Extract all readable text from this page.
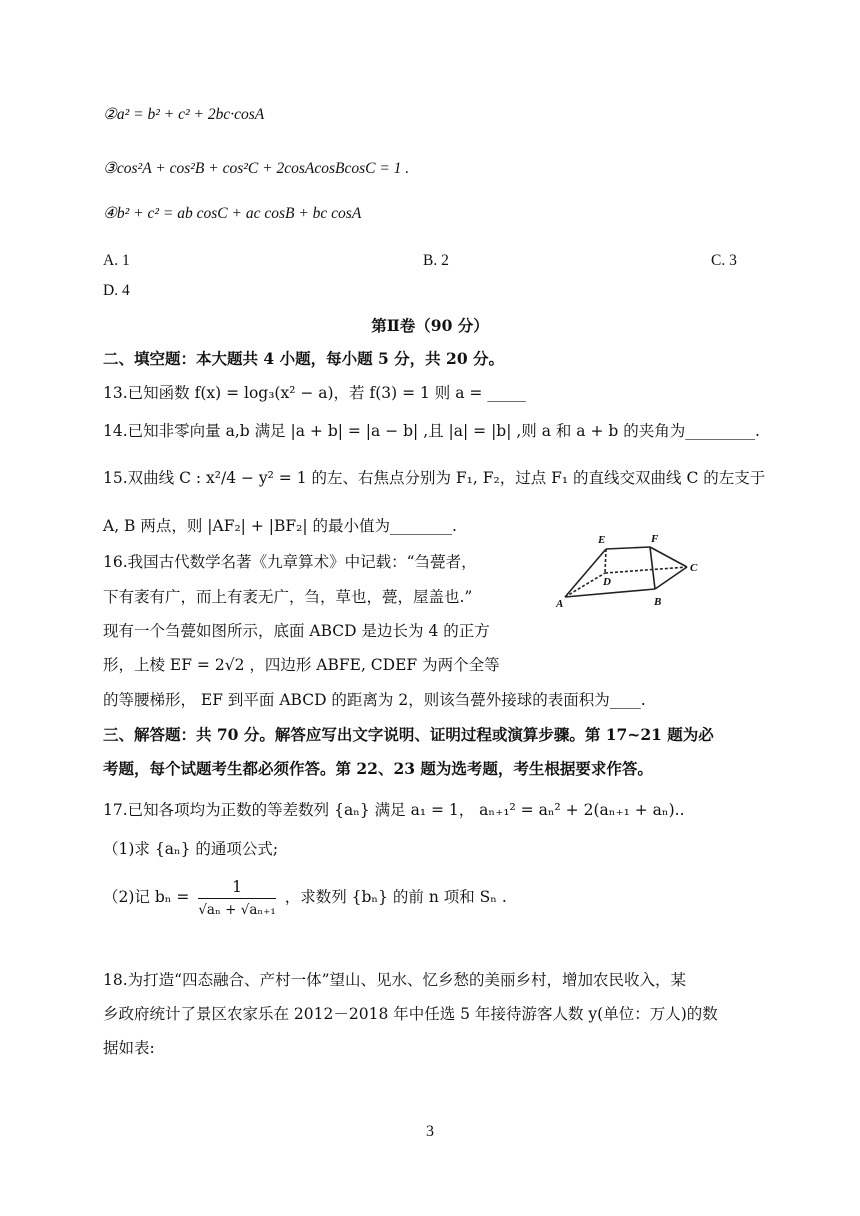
②a² = b² + c² + 2bc·cosA
③cos²A + cos²B + cos²C + 2cosAcosBcosC = 1 .
④b² + c² = ab cosC + ac cosB + bc cosA
A. 1	B. 2	C. 3
D. 4
第Ⅱ卷（90 分）
二、填空题：本大题共 4 小题，每小题 5 分，共 20 分。
13.已知函数 f(x) = log₃(x² − a)，若 f(3) = 1 则 a = _____
14.已知非零向量 a,b 满足 |a + b| = |a − b| ,且 |a| = |b| ,则 a 和 a + b 的夹角为_________.
15.双曲线 C : x²/4 − y² = 1 的左、右焦点分别为 F₁, F₂，过点 F₁ 的直线交双曲线 C 的左支于
A, B 两点，则 |AF₂| + |BF₂| 的最小值为________.
16.我国古代数学名著《九章算术》中记载：“刍甍者，
下有袤有广，而上有袤无广，刍，草也，甍，屋盖也.”
现有一个刍甍如图所示，底面 ABCD 是边长为 4 的正方
形，上棱 EF = 2√2 ，四边形 ABFE, CDEF 为两个全等
的等腰梯形， EF 到平面 ABCD 的距离为 2，则该刍甍外接球的表面积为____.
E	F
D
C
A	B
三、解答题：共 70 分。解答应写出文字说明、证明过程或演算步骤。第 17~21 题为必
考题，每个试题考生都必须作答。第 22、23 题为选考题，考生根据要求作答。
17.已知各项均为正数的等差数列 {aₙ} 满足 a₁ = 1， aₙ₊₁² = aₙ² + 2(aₙ₊₁ + aₙ)..
（1)求 {aₙ} 的通项公式;
（2)记 $b_n = \frac{1}{\text{√aₙ + √aₙ₊₁}}$ ，求数列 {bₙ} 的前 n 项和 Sₙ .
18.为打造“四态融合、产村一体”望山、见水、忆乡愁的美丽乡村，增加农民收入，某
乡政府统计了景区农家乐在 2012－2018 年中任选 5 年接待游客人数 y(单位：万人)的数
据如表:
3
